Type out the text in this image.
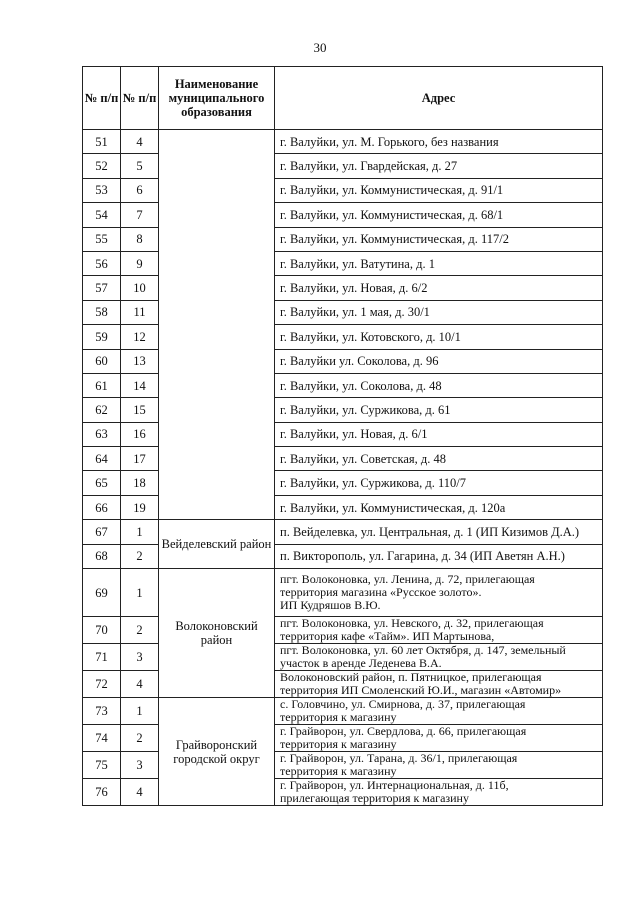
30
№ п/п	№ п/п	Наименование муниципального образования	Адрес
51	4		г. Валуйки, ул. М. Горького, без названия
52	5		г. Валуйки, ул. Гвардейская, д. 27
53	6		г. Валуйки, ул. Коммунистическая, д. 91/1
54	7		г. Валуйки, ул. Коммунистическая, д. 68/1
55	8		г. Валуйки, ул. Коммунистическая, д. 117/2
56	9		г. Валуйки, ул. Ватутина, д. 1
57	10		г. Валуйки, ул. Новая, д. 6/2
58	11		г. Валуйки, ул. 1 мая, д. 30/1
59	12		г. Валуйки, ул. Котовского, д. 10/1
60	13		г. Валуйки ул. Соколова, д. 96
61	14		г. Валуйки, ул. Соколова, д. 48
62	15		г. Валуйки, ул. Суржикова, д. 61
63	16		г. Валуйки, ул. Новая, д. 6/1
64	17		г. Валуйки, ул. Советская, д. 48
65	18		г. Валуйки, ул. Суржикова, д. 110/7
66	19		г. Валуйки, ул. Коммунистическая, д. 120а
67	1	Вейделевский район	п. Вейделевка, ул. Центральная, д. 1 (ИП Кизимов Д.А.)
68	2		п. Викторополь, ул. Гагарина, д. 34 (ИП Аветян А.Н.)
69	1	Волоконовский район	пгт. Волоконовка, ул. Ленина, д. 72, прилегающая
территория магазина «Русское золото».
ИП Кудряшов В.Ю.

70	2		пгт. Волоконовка, ул. Невского, д. 32, прилегающая
территория кафе «Тайм». ИП Мартынова,

71	3		пгт. Волоконовка, ул. 60 лет Октября, д. 147, земельный
участок в аренде Леденева В.А.

72	4		Волоконовский район, п. Пятницкое, прилегающая
территория ИП Смоленский Ю.И., магазин «Автомир»

73	1	Грайворонский городской округ	с. Головчино, ул. Смирнова, д. 37, прилегающая
территория к магазину

74	2		г. Грайворон, ул. Свердлова, д. 66, прилегающая
территория к магазину

75	3		г. Грайворон, ул. Тарана, д. 36/1, прилегающая
территория к магазину

76	4		г. Грайворон, ул. Интернациональная, д. 11б,
прилегающая территория к магазину
